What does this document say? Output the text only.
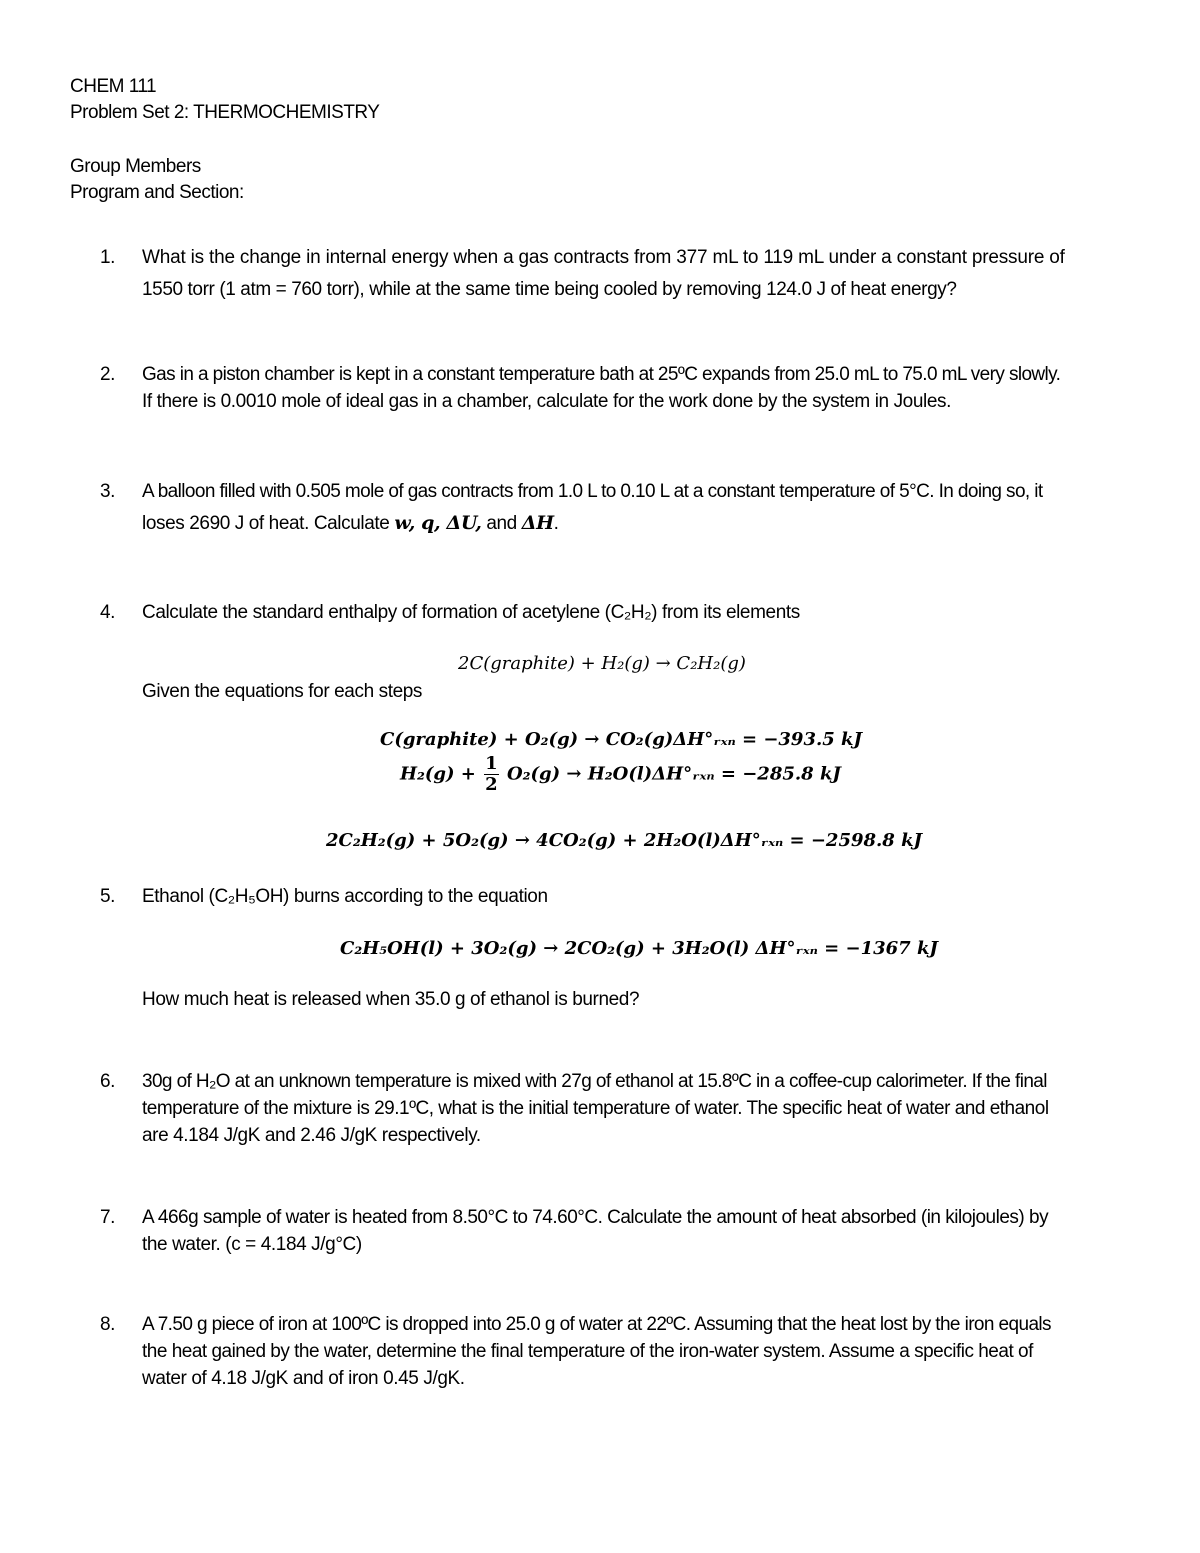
CHEM 111
Problem Set 2: THERMOCHEMISTRY
Group Members
Program and Section:
1. What is the change in internal energy when a gas contracts from 377 mL to 119 mL under a constant pressure of
1550 torr (1 atm = 760 torr), while at the same time being cooled by removing 124.0 J of heat energy?
2. Gas in a piston chamber is kept in a constant temperature bath at 25ºC expands from 25.0 mL to 75.0 mL very slowly.
If there is 0.0010 mole of ideal gas in a chamber, calculate for the work done by the system in Joules.
3. A balloon filled with 0.505 mole of gas contracts from 1.0 L to 0.10 L at a constant temperature of 5°C. In doing so, it
loses 2690 J of heat. Calculate w, q, ΔU, and ΔH.
4. Calculate the standard enthalpy of formation of acetylene (C₂H₂) from its elements
2C(graphite) + H₂(g) → C₂H₂(g)
Given the equations for each steps
C(graphite) + O₂(g) → CO₂(g)ΔH°ᵣₓₙ = −393.5 kJ
$H_2(g) + \frac{1}{2} O_2(g)$ → H₂O(l)ΔH°ᵣₓₙ = −285.8 kJ
2C₂H₂(g) + 5O₂(g) → 4CO₂(g) + 2H₂O(l)ΔH°ᵣₓₙ = −2598.8 kJ
5. Ethanol (C₂H₅OH) burns according to the equation
C₂H₅OH(l) + 3O₂(g) → 2CO₂(g) + 3H₂O(l) ΔH°ᵣₓₙ = −1367 kJ
How much heat is released when 35.0 g of ethanol is burned?
6. 30g of H₂O at an unknown temperature is mixed with 27g of ethanol at 15.8ºC in a coffee-cup calorimeter. If the final
temperature of the mixture is 29.1ºC, what is the initial temperature of water. The specific heat of water and ethanol
are 4.184 J/gK and 2.46 J/gK respectively.
7. A 466g sample of water is heated from 8.50°C to 74.60°C. Calculate the amount of heat absorbed (in kilojoules) by
the water. (c = 4.184 J/g°C)
8. A 7.50 g piece of iron at 100ºC is dropped into 25.0 g of water at 22ºC. Assuming that the heat lost by the iron equals
the heat gained by the water, determine the final temperature of the iron-water system. Assume a specific heat of
water of 4.18 J/gK and of iron 0.45 J/gK.
